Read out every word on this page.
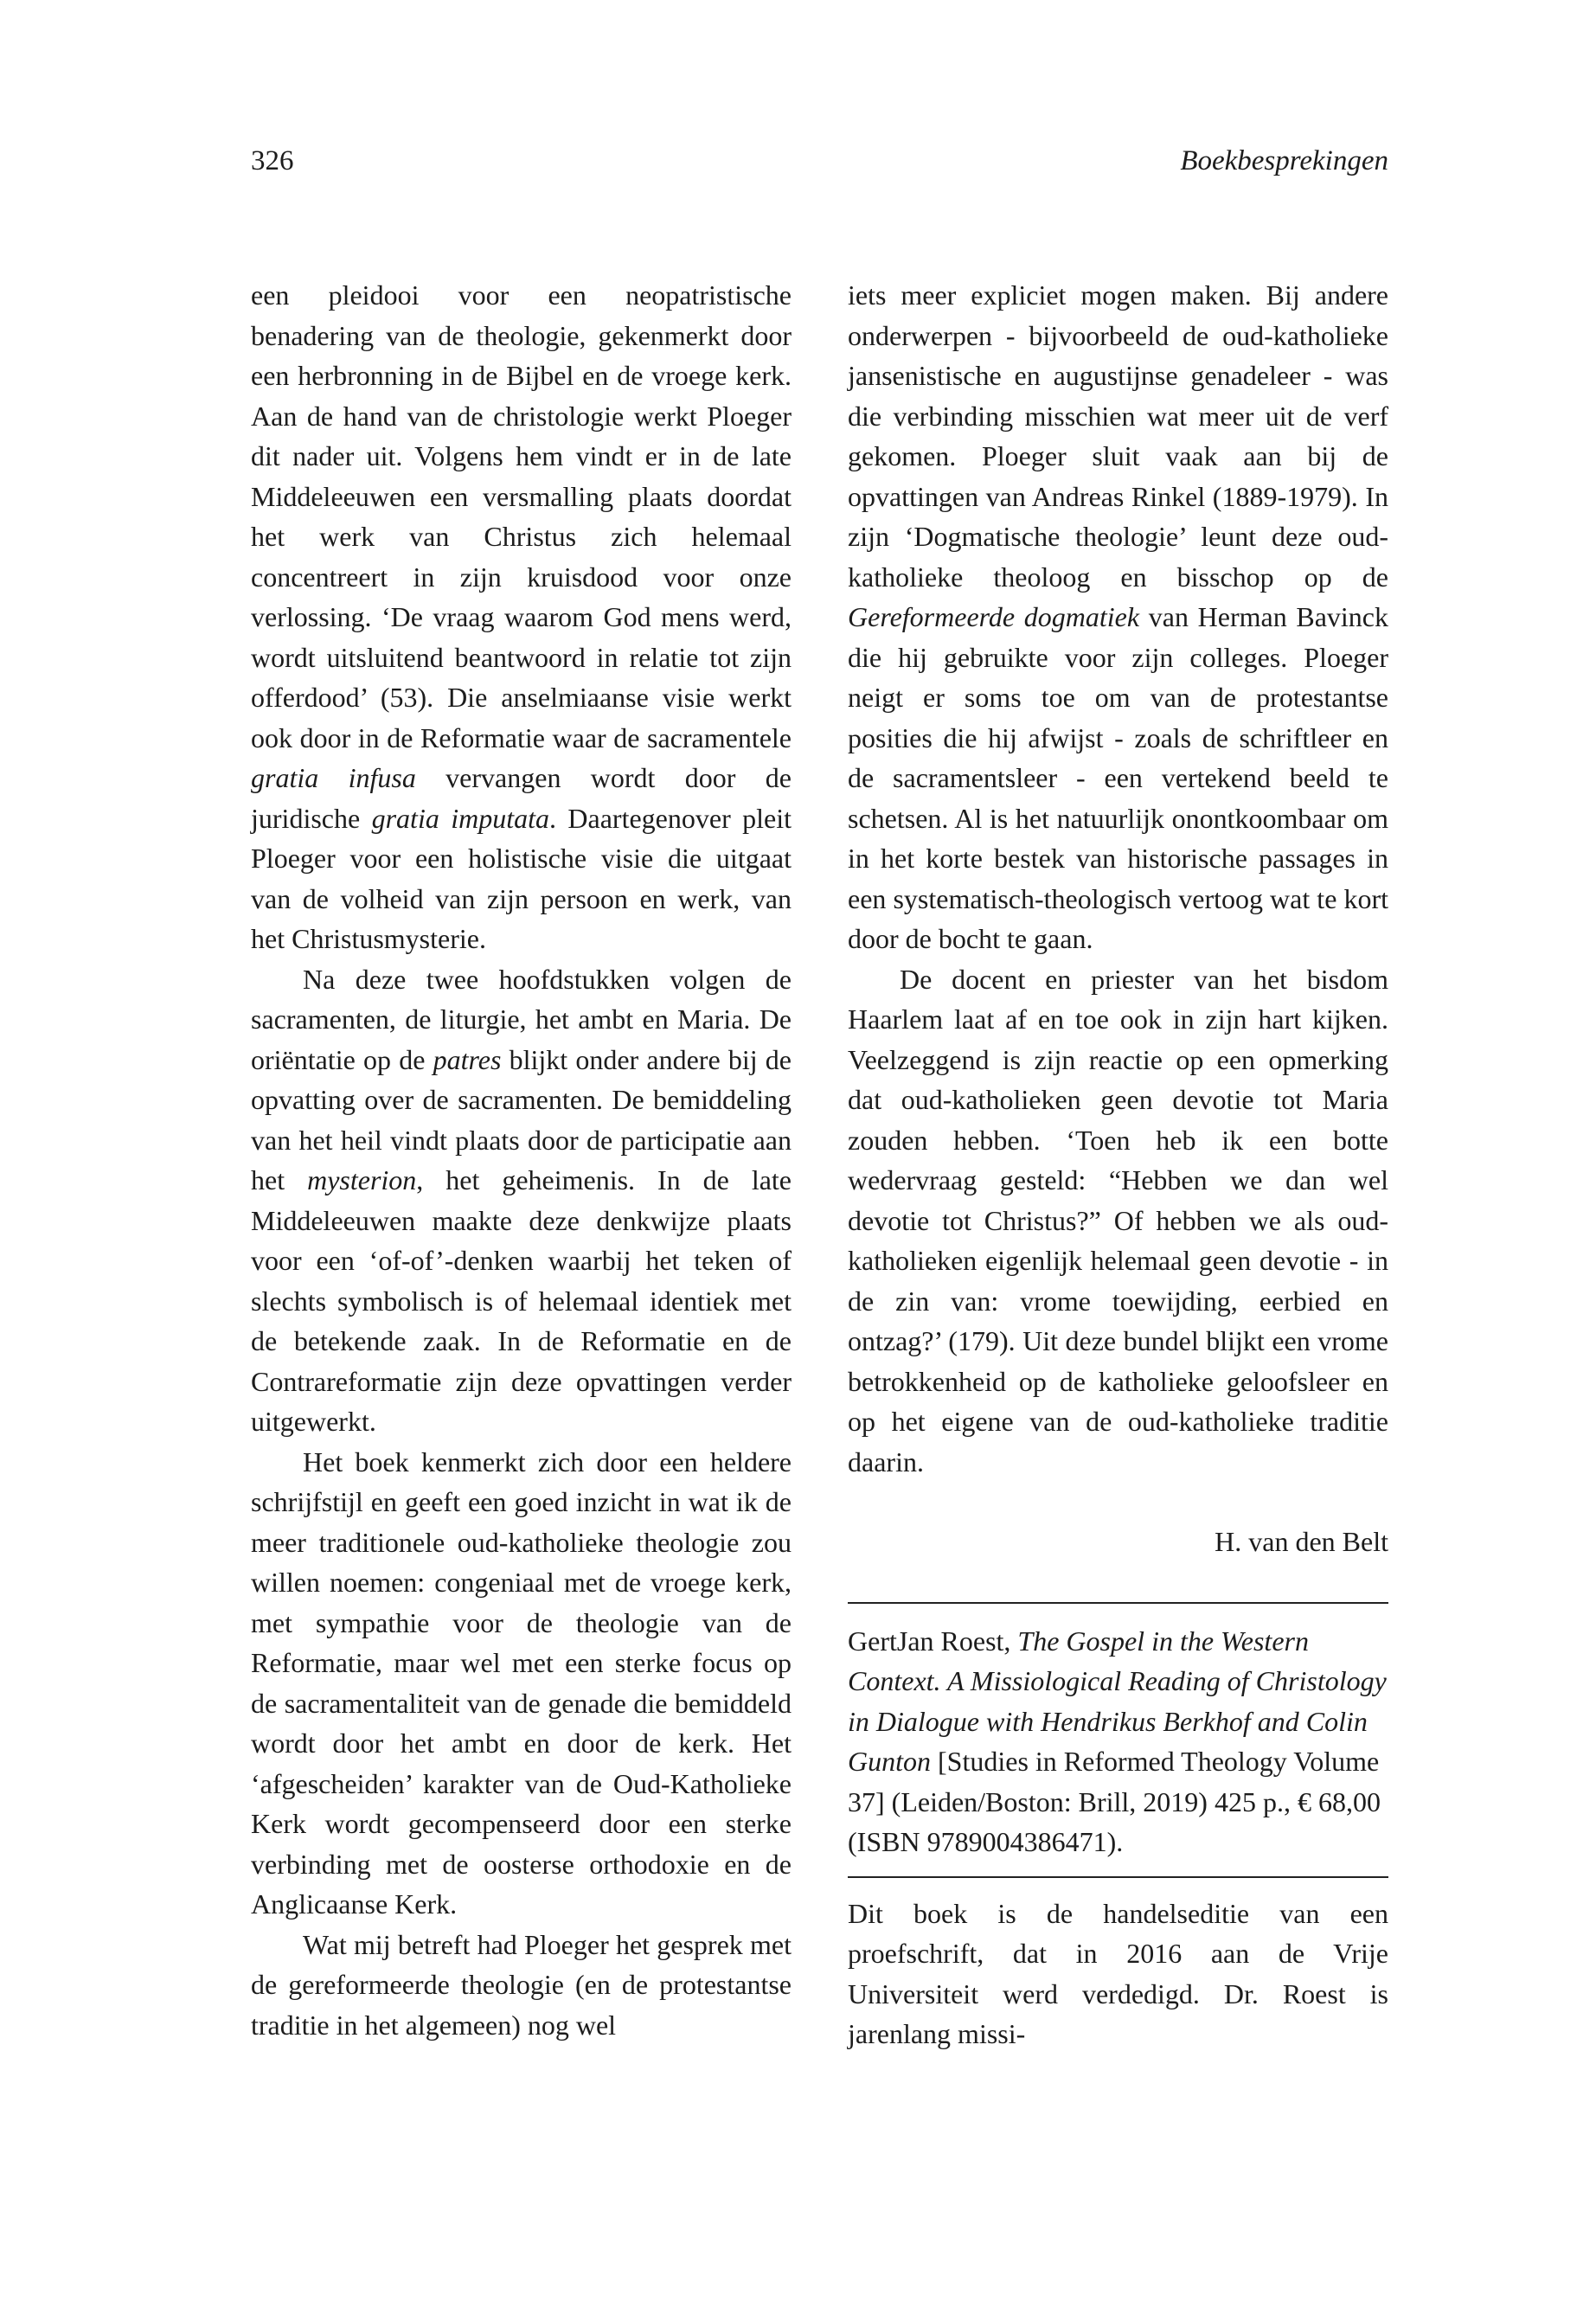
326	Boekbesprekingen

een pleidooi voor een neopatristische benadering van de theologie, gekenmerkt door een herbronning in de Bijbel en de vroege kerk. Aan de hand van de christologie werkt Ploeger dit nader uit. Volgens hem vindt er in de late Middeleeuwen een versmalling plaats doordat het werk van Christus zich helemaal concentreert in zijn kruisdood voor onze verlossing. ‘De vraag waarom God mens werd, wordt uitsluitend beantwoord in relatie tot zijn offerdood’ (53). Die anselmiaanse visie werkt ook door in de Reformatie waar de sacramentele gratia infusa vervangen wordt door de juridische gratia imputata. Daartegenover pleit Ploeger voor een holistische visie die uitgaat van de volheid van zijn persoon en werk, van het Christusmysterie.

Na deze twee hoofdstukken volgen de sacramenten, de liturgie, het ambt en Maria. De oriëntatie op de patres blijkt onder andere bij de opvatting over de sacramenten. De bemiddeling van het heil vindt plaats door de participatie aan het mysterion, het geheimenis. In de late Middeleeuwen maakte deze denkwijze plaats voor een ‘of-of’-denken waarbij het teken of slechts symbolisch is of helemaal identiek met de betekende zaak. In de Reformatie en de Contrareformatie zijn deze opvattingen verder uitgewerkt.

Het boek kenmerkt zich door een heldere schrijfstijl en geeft een goed inzicht in wat ik de meer traditionele oud-katholieke theologie zou willen noemen: congeniaal met de vroege kerk, met sympathie voor de theologie van de Reformatie, maar wel met een sterke focus op de sacramentaliteit van de genade die bemiddeld wordt door het ambt en door de kerk. Het ‘afgescheiden’ karakter van de Oud-Katholieke Kerk wordt gecompenseerd door een sterke verbinding met de oosterse orthodoxie en de Anglicaanse Kerk.

Wat mij betreft had Ploeger het gesprek met de gereformeerde theologie (en de protestantse traditie in het algemeen) nog wel

iets meer expliciet mogen maken. Bij andere onderwerpen - bijvoorbeeld de oud-katholieke jansenistische en augustijnse genadeleer - was die verbinding misschien wat meer uit de verf gekomen. Ploeger sluit vaak aan bij de opvattingen van Andreas Rinkel (1889-1979). In zijn ‘Dogmatische theologie’ leunt deze oud-katholieke theoloog en bisschop op de Gereformeerde dogmatiek van Herman Bavinck die hij gebruikte voor zijn colleges. Ploeger neigt er soms toe om van de protestantse posities die hij afwijst - zoals de schriftleer en de sacramentsleer - een vertekend beeld te schetsen. Al is het natuurlijk onontkoombaar om in het korte bestek van historische passages in een systematisch-theologisch vertoog wat te kort door de bocht te gaan.

De docent en priester van het bisdom Haarlem laat af en toe ook in zijn hart kijken. Veelzeggend is zijn reactie op een opmerking dat oud-katholieken geen devotie tot Maria zouden hebben. ‘Toen heb ik een botte wedervraag gesteld: “Hebben we dan wel devotie tot Christus?” Of hebben we als oud-katholieken eigenlijk helemaal geen devotie - in de zin van: vrome toewijding, eerbied en ontzag?’ (179). Uit deze bundel blijkt een vrome betrokkenheid op de katholieke geloofsleer en op het eigene van de oud-katholieke traditie daarin.

H. van den Belt

GertJan Roest, The Gospel in the Western Context. A Missiological Reading of Christology in Dialogue with Hendrikus Berkhof and Colin Gunton [Studies in Reformed Theology Volume 37] (Leiden/Boston: Brill, 2019) 425 p., € 68,00 (ISBN 9789004386471).

Dit boek is de handelseditie van een proefschrift, dat in 2016 aan de Vrije Universiteit werd verdedigd. Dr. Roest is jarenlang missi-
